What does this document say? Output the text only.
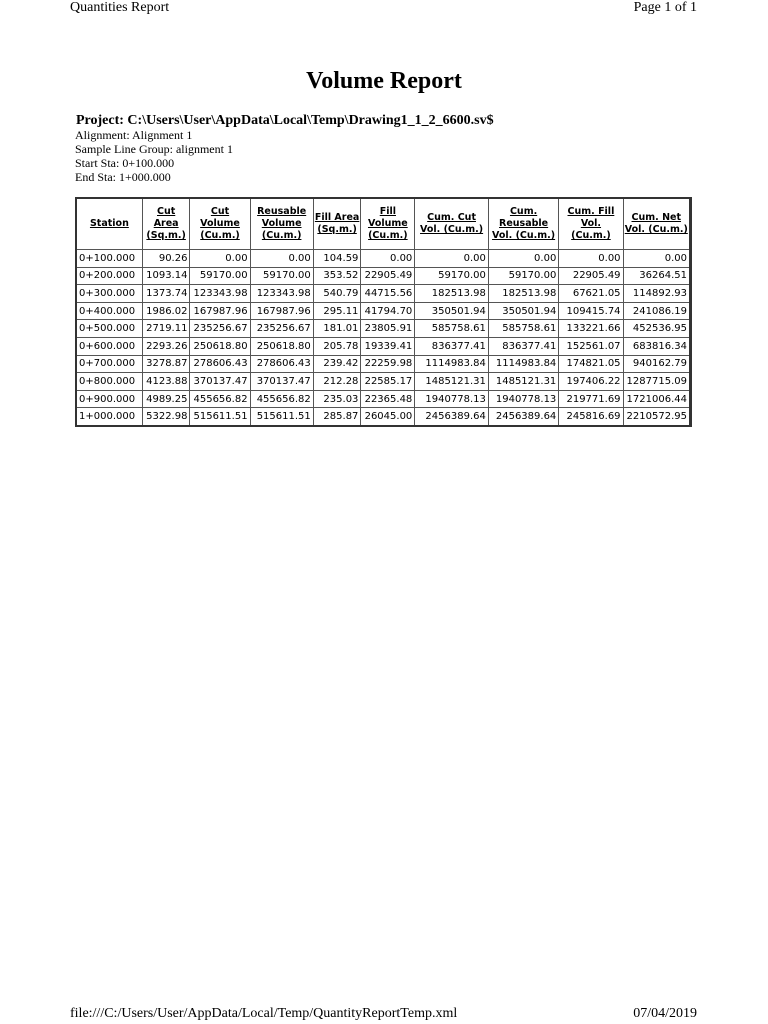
Quantities Report	Page 1 of 1
Volume Report
Project: C:\Users\User\AppData\Local\Temp\Drawing1_1_2_6600.sv$
Alignment: Alignment 1
Sample Line Group: alignment 1
Start Sta: 0+100.000
End Sta: 1+000.000
Station	Cut Area (Sq.m.)	Cut Volume (Cu.m.)	Reusable Volume (Cu.m.)	Fill Area (Sq.m.)	Fill Volume (Cu.m.)	Cum. Cut Vol. (Cu.m.)	Cum. Reusable Vol. (Cu.m.)	Cum. Fill Vol. (Cu.m.)	Cum. Net Vol. (Cu.m.)
0+100.000	90.26	0.00	0.00	104.59	0.00	0.00	0.00	0.00	0.00
0+200.000	1093.14	59170.00	59170.00	353.52	22905.49	59170.00	59170.00	22905.49	36264.51
0+300.000	1373.74	123343.98	123343.98	540.79	44715.56	182513.98	182513.98	67621.05	114892.93
0+400.000	1986.02	167987.96	167987.96	295.11	41794.70	350501.94	350501.94	109415.74	241086.19
0+500.000	2719.11	235256.67	235256.67	181.01	23805.91	585758.61	585758.61	133221.66	452536.95
0+600.000	2293.26	250618.80	250618.80	205.78	19339.41	836377.41	836377.41	152561.07	683816.34
0+700.000	3278.87	278606.43	278606.43	239.42	22259.98	1114983.84	1114983.84	174821.05	940162.79
0+800.000	4123.88	370137.47	370137.47	212.28	22585.17	1485121.31	1485121.31	197406.22	1287715.09
0+900.000	4989.25	455656.82	455656.82	235.03	22365.48	1940778.13	1940778.13	219771.69	1721006.44
1+000.000	5322.98	515611.51	515611.51	285.87	26045.00	2456389.64	2456389.64	245816.69	2210572.95
file:///C:/Users/User/AppData/Local/Temp/QuantityReportTemp.xml	07/04/2019
